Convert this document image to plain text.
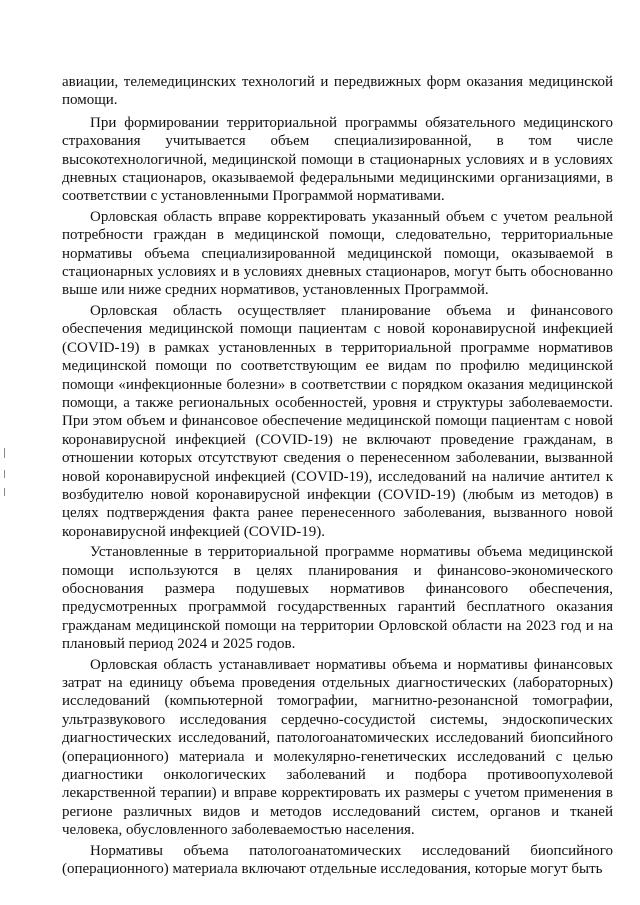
авиации, телемедицинских технологий и передвижных форм оказания медицинской помощи.

При формировании территориальной программы обязательного медицинского страхования учитывается объем специализированной, в том числе высокотехнологичной, медицинской помощи в стационарных условиях и в условиях дневных стационаров, оказываемой федеральными медицинскими организациями, в соответствии с установленными Программой нормативами.

Орловская область вправе корректировать указанный объем с учетом реальной потребности граждан в медицинской помощи, следовательно, территориальные нормативы объема специализированной медицинской помощи, оказываемой в стационарных условиях и в условиях дневных стационаров, могут быть обоснованно выше или ниже средних нормативов, установленных Программой.

Орловская область осуществляет планирование объема и финансового обеспечения медицинской помощи пациентам с новой коронавирусной инфекцией (COVID-19) в рамках установленных в территориальной программе нормативов медицинской помощи по соответствующим ее видам по профилю медицинской помощи «инфекционные болезни» в соответствии с порядком оказания медицинской помощи, а также региональных особенностей, уровня и структуры заболеваемости. При этом объем и финансовое обеспечение медицинской помощи пациентам с новой коронавирусной инфекцией (COVID-19) не включают проведение гражданам, в отношении которых отсутствуют сведения о перенесенном заболевании, вызванной новой коронавирусной инфекцией (COVID-19), исследований на наличие антител к возбудителю новой коронавирусной инфекции (COVID-19) (любым из методов) в целях подтверждения факта ранее перенесенного заболевания, вызванного новой коронавирусной инфекцией (COVID-19).

Установленные в территориальной программе нормативы объема медицинской помощи используются в целях планирования и финансово-экономического обоснования размера подушевых нормативов финансового обеспечения, предусмотренных программой государственных гарантий бесплатного оказания гражданам медицинской помощи на территории Орловской области на 2023 год и на плановый период 2024 и 2025 годов.

Орловская область устанавливает нормативы объема и нормативы финансовых затрат на единицу объема проведения отдельных диагностических (лабораторных) исследований (компьютерной томографии, магнитно-резонансной томографии, ультразвукового исследования сердечно-сосудистой системы, эндоскопических диагностических исследований, патологоанатомических исследований биопсийного (операционного) материала и молекулярно-генетических исследований с целью диагностики онкологических заболеваний и подбора противоопухолевой лекарственной терапии) и вправе корректировать их размеры с учетом применения в регионе различных видов и методов исследований систем, органов и тканей человека, обусловленного заболеваемостью населения.

Нормативы объема патологоанатомических исследований биопсийного (операционного) материала включают отдельные исследования, которые могут быть
